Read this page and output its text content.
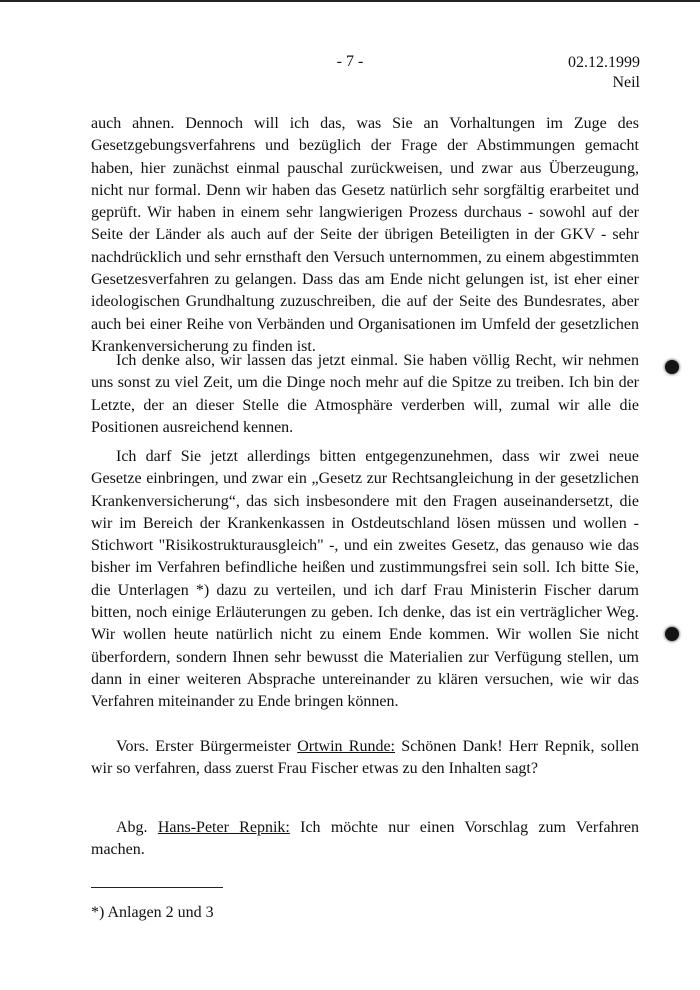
- 7 -	02.12.1999
Neil

auch ahnen. Dennoch will ich das, was Sie an Vorhaltungen im Zuge des Gesetzgebungsverfahrens und bezüglich der Frage der Abstimmungen gemacht haben, hier zunächst einmal pauschal zurückweisen, und zwar aus Überzeugung, nicht nur formal. Denn wir haben das Gesetz natürlich sehr sorgfältig erarbeitet und geprüft. Wir haben in einem sehr langwierigen Prozess durchaus - sowohl auf der Seite der Länder als auch auf der Seite der übrigen Beteiligten in der GKV - sehr nachdrücklich und sehr ernsthaft den Versuch unternommen, zu einem abgestimmten Gesetzesverfahren zu gelangen. Dass das am Ende nicht gelungen ist, ist eher einer ideologischen Grundhaltung zuzuschreiben, die auf der Seite des Bundesrates, aber auch bei einer Reihe von Verbänden und Organisationen im Umfeld der gesetzlichen Krankenversicherung zu finden ist.

Ich denke also, wir lassen das jetzt einmal. Sie haben völlig Recht, wir nehmen uns sonst zu viel Zeit, um die Dinge noch mehr auf die Spitze zu treiben. Ich bin der Letzte, der an dieser Stelle die Atmosphäre verderben will, zumal wir alle die Positionen ausreichend kennen.

Ich darf Sie jetzt allerdings bitten entgegenzunehmen, dass wir zwei neue Gesetze einbringen, und zwar ein „Gesetz zur Rechtsangleichung in der gesetzlichen Krankenversicherung“, das sich insbesondere mit den Fragen auseinandersetzt, die wir im Bereich der Krankenkassen in Ostdeutschland lösen müssen und wollen - Stichwort "Risikostrukturausgleich" -, und ein zweites Gesetz, das genauso wie das bisher im Verfahren befindliche heißen und zustimmungsfrei sein soll. Ich bitte Sie, die Unterlagen *) dazu zu verteilen, und ich darf Frau Ministerin Fischer darum bitten, noch einige Erläuterungen zu geben. Ich denke, das ist ein verträglicher Weg. Wir wollen heute natürlich nicht zu einem Ende kommen. Wir wollen Sie nicht überfordern, sondern Ihnen sehr bewusst die Materialien zur Verfügung stellen, um dann in einer weiteren Absprache untereinander zu klären versuchen, wie wir das Verfahren miteinander zu Ende bringen können.

Vors. Erster Bürgermeister Ortwin Runde: Schönen Dank! Herr Repnik, sollen wir so verfahren, dass zuerst Frau Fischer etwas zu den Inhalten sagt?

Abg. Hans-Peter Repnik: Ich möchte nur einen Vorschlag zum Verfahren machen.

*) Anlagen 2 und 3
